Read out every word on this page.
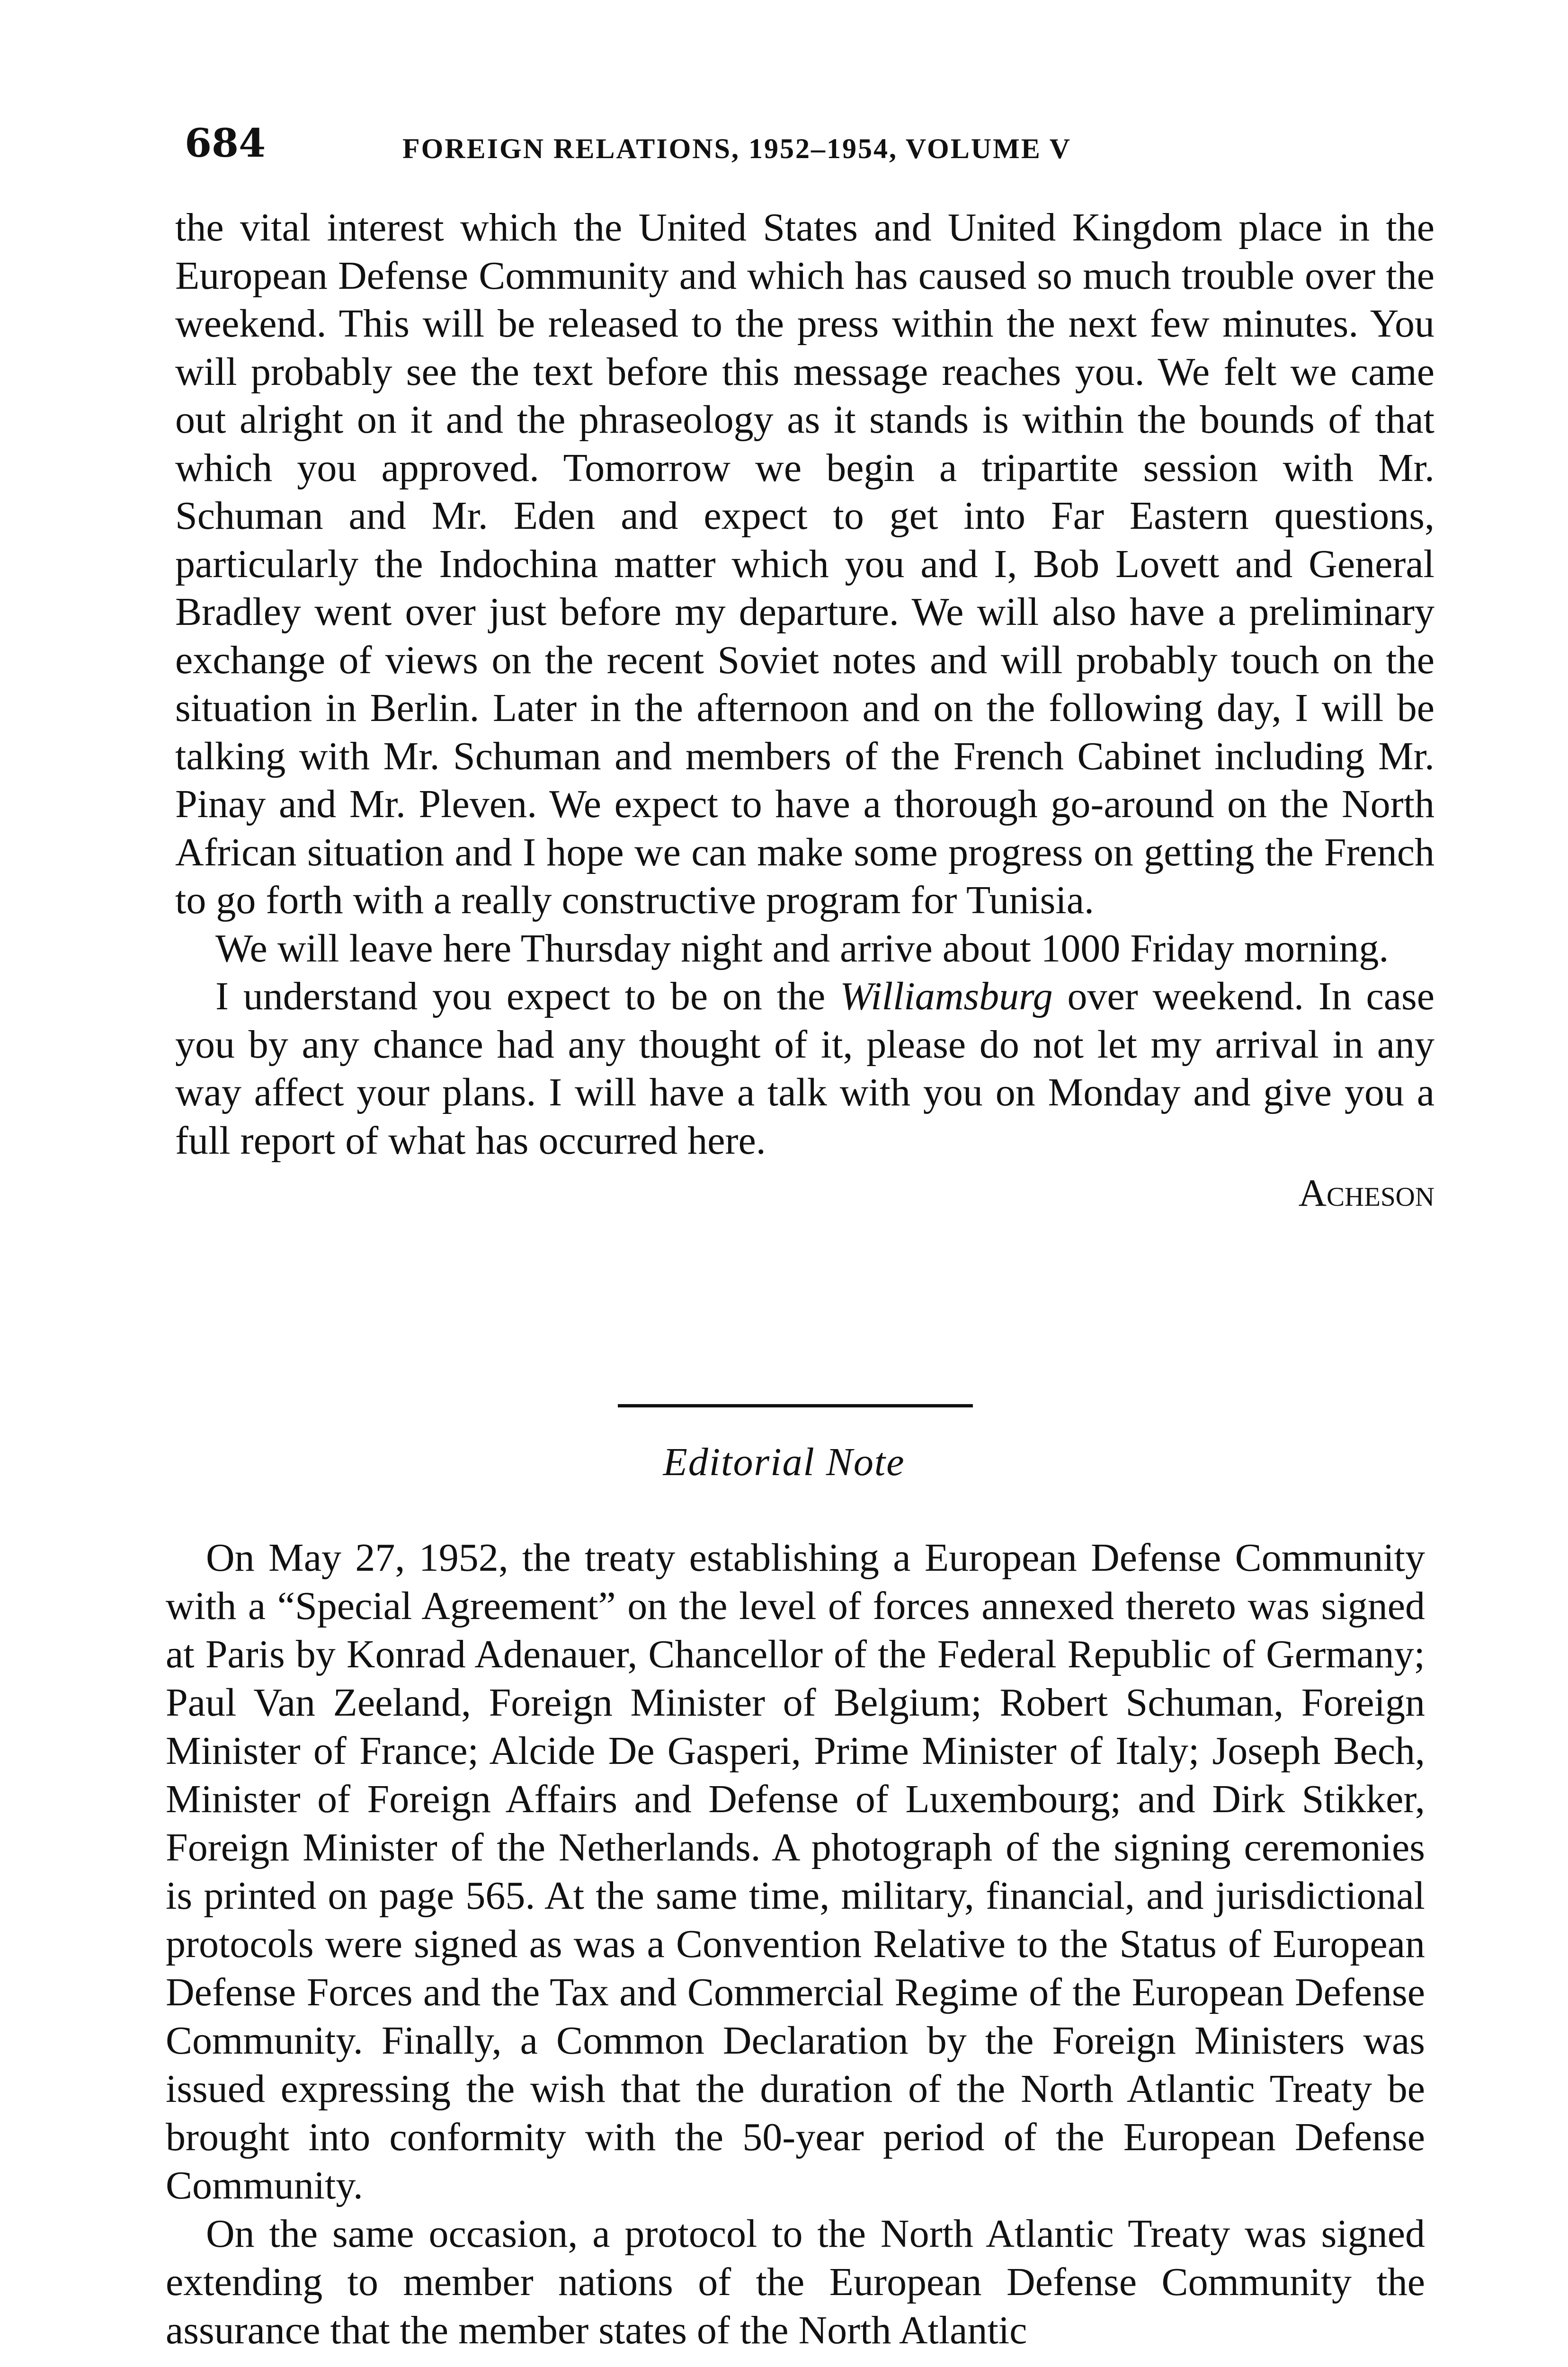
684	FOREIGN RELATIONS, 1952–1954, VOLUME V

the vital interest which the United States and United Kingdom place in the European Defense Community and which has caused so much trouble over the weekend. This will be released to the press within the next few minutes. You will probably see the text before this message reaches you. We felt we came out alright on it and the phraseology as it stands is within the bounds of that which you approved. Tomorrow we begin a tripartite session with Mr. Schuman and Mr. Eden and expect to get into Far Eastern questions, particularly the Indochina matter which you and I, Bob Lovett and General Bradley went over just before my departure. We will also have a preliminary exchange of views on the recent Soviet notes and will probably touch on the situation in Berlin. Later in the afternoon and on the following day, I will be talking with Mr. Schuman and members of the French Cabinet including Mr. Pinay and Mr. Pleven. We expect to have a thorough go-around on the North African situation and I hope we can make some progress on getting the French to go forth with a really constructive program for Tunisia.

We will leave here Thursday night and arrive about 1000 Friday morning.

I understand you expect to be on the Williamsburg over weekend. In case you by any chance had any thought of it, please do not let my arrival in any way affect your plans. I will have a talk with you on Monday and give you a full report of what has occurred here.

Acheson

Editorial Note

On May 27, 1952, the treaty establishing a European Defense Community with a “Special Agreement” on the level of forces annexed thereto was signed at Paris by Konrad Adenauer, Chancellor of the Federal Republic of Germany; Paul Van Zeeland, Foreign Minister of Belgium; Robert Schuman, Foreign Minister of France; Alcide De Gasperi, Prime Minister of Italy; Joseph Bech, Minister of Foreign Affairs and Defense of Luxembourg; and Dirk Stikker, Foreign Minister of the Netherlands. A photograph of the signing ceremonies is printed on page 565. At the same time, military, financial, and jurisdictional protocols were signed as was a Convention Relative to the Status of European Defense Forces and the Tax and Commercial Regime of the European Defense Community. Finally, a Common Declaration by the Foreign Ministers was issued expressing the wish that the duration of the North Atlantic Treaty be brought into conformity with the 50-year period of the European Defense Community.

On the same occasion, a protocol to the North Atlantic Treaty was signed extending to member nations of the European Defense Community the assurance that the member states of the North Atlantic
